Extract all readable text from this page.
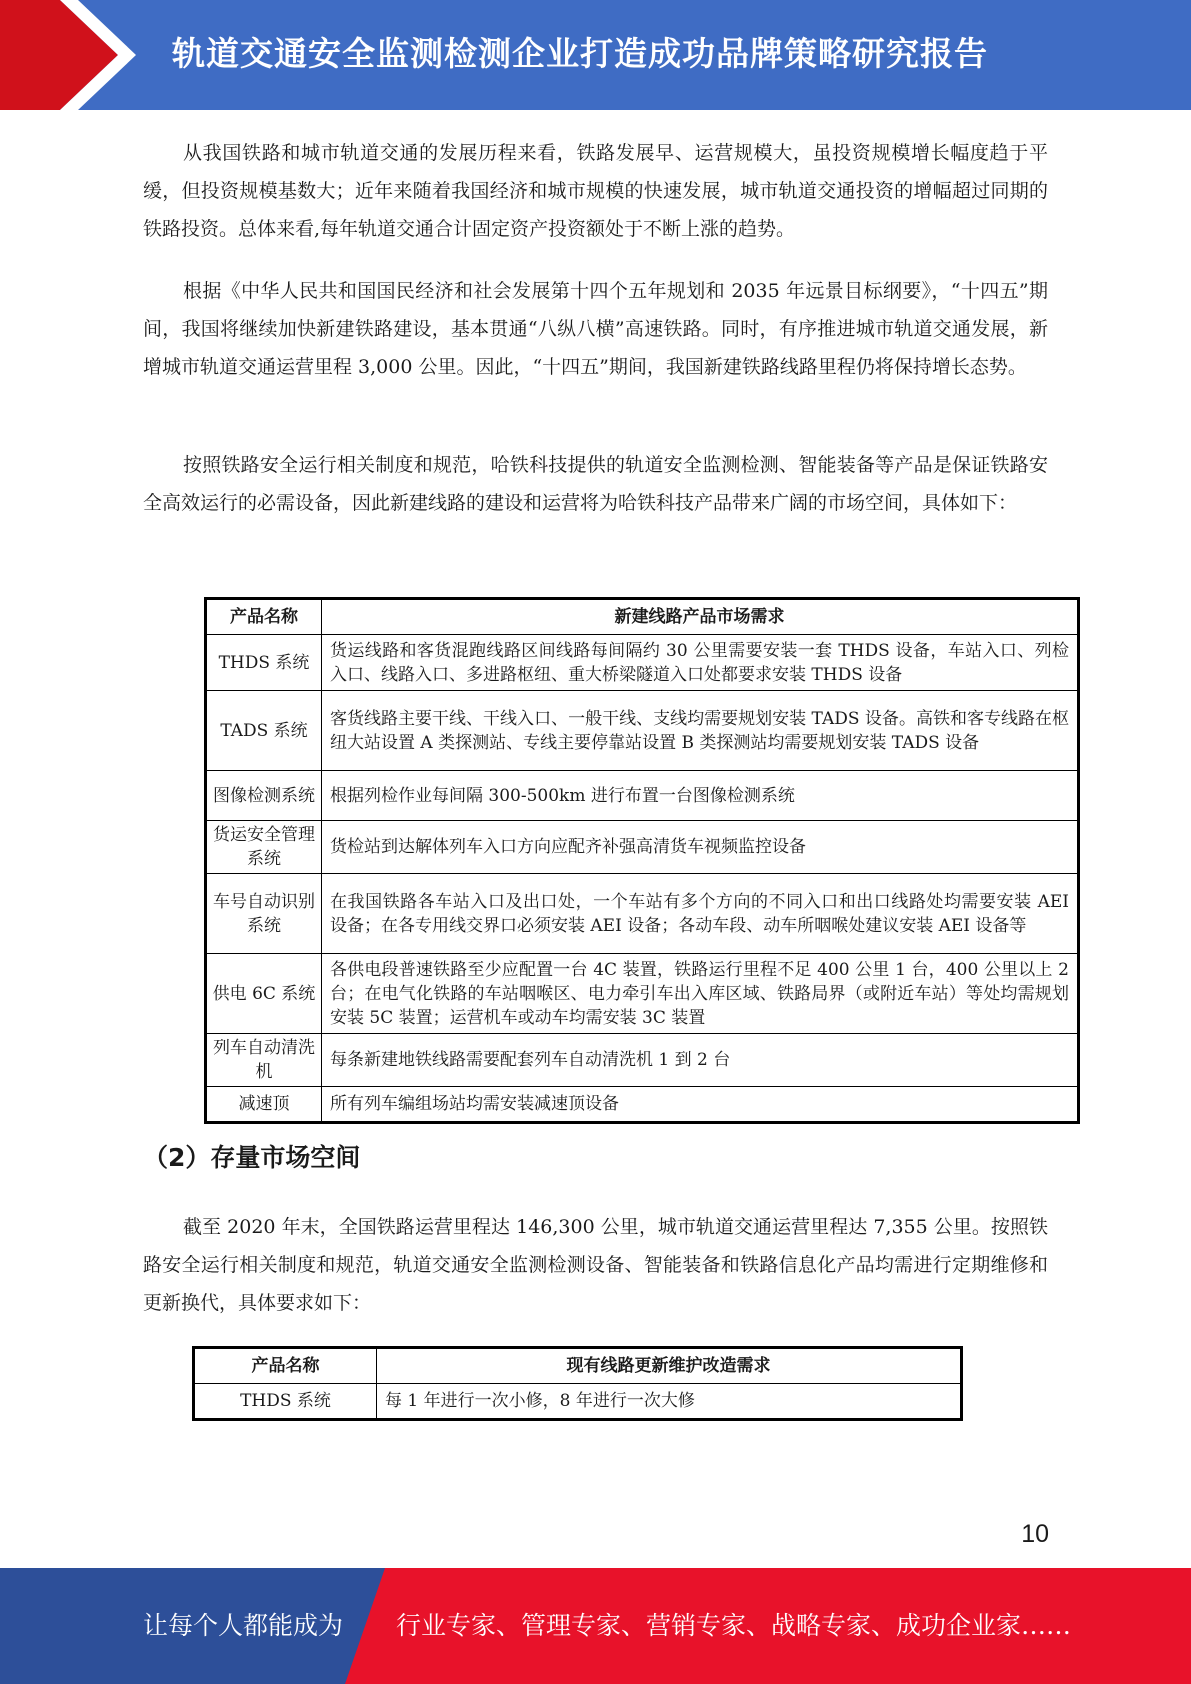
轨道交通安全监测检测企业打造成功品牌策略研究报告

从我国铁路和城市轨道交通的发展历程来看，铁路发展早、运营规模大，虽投资规模增长幅度趋于平缓，但投资规模基数大；近年来随着我国经济和城市规模的快速发展，城市轨道交通投资的增幅超过同期的铁路投资。总体来看,每年轨道交通合计固定资产投资额处于不断上涨的趋势。

根据《中华人民共和国国民经济和社会发展第十四个五年规划和 2035 年远景目标纲要》，“十四五”期间，我国将继续加快新建铁路建设，基本贯通“八纵八横”高速铁路。同时，有序推进城市轨道交通发展，新增城市轨道交通运营里程 3,000 公里。因此，“十四五”期间，我国新建铁路线路里程仍将保持增长态势。

按照铁路安全运行相关制度和规范，哈铁科技提供的轨道安全监测检测、智能装备等产品是保证铁路安全高效运行的必需设备，因此新建线路的建设和运营将为哈铁科技产品带来广阔的市场空间，具体如下：

产品名称	新建线路产品市场需求
THDS 系统	货运线路和客货混跑线路区间线路每间隔约 30 公里需要安装一套 THDS 设备，车站入口、列检入口、线路入口、多进路枢纽、重大桥梁隧道入口处都要求安装 THDS 设备
TADS 系统	客货线路主要干线、干线入口、一般干线、支线均需要规划安装 TADS 设备。高铁和客专线路在枢纽大站设置 A 类探测站、专线主要停靠站设置 B 类探测站均需要规划安装 TADS 设备
图像检测系统	根据列检作业每间隔 300-500km 进行布置一台图像检测系统
货运安全管理系统	货检站到达解体列车入口方向应配齐补强高清货车视频监控设备
车号自动识别系统	在我国铁路各车站入口及出口处，一个车站有多个方向的不同入口和出口线路处均需要安装 AEI 设备；在各专用线交界口必须安装 AEI 设备；各动车段、动车所咽喉处建议安装 AEI 设备等
供电 6C 系统	各供电段普速铁路至少应配置一台 4C 装置，铁路运行里程不足 400 公里 1 台，400 公里以上 2 台；在电气化铁路的车站咽喉区、电力牵引车出入库区域、铁路局界（或附近车站）等处均需规划安装 5C 装置；运营机车或动车均需安装 3C 装置
列车自动清洗机	每条新建地铁线路需要配套列车自动清洗机 1 到 2 台
减速顶	所有列车编组场站均需安装减速顶设备
（2）存量市场空间

截至 2020 年末，全国铁路运营里程达 146,300 公里，城市轨道交通运营里程达 7,355 公里。按照铁路安全运行相关制度和规范，轨道交通安全监测检测设备、智能装备和铁路信息化产品均需进行定期维修和更新换代，具体要求如下：

产品名称	现有线路更新维护改造需求
THDS 系统	每 1 年进行一次小修，8 年进行一次大修
10
让每个人都能成为 行业专家、管理专家、营销专家、战略专家、成功企业家……
